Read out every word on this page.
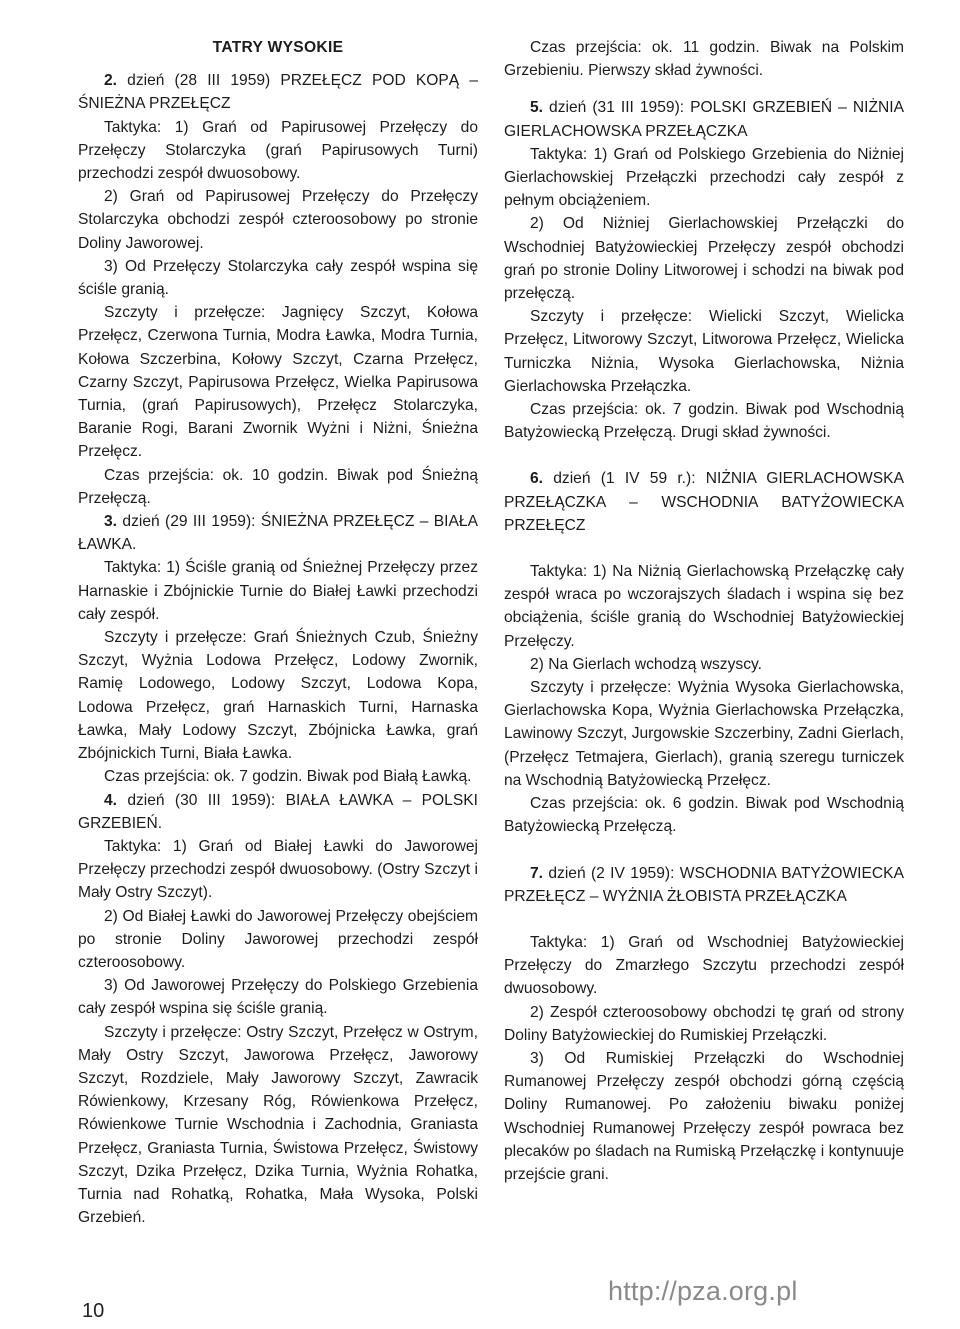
TATRY WYSOKIE

2. dzień (28 III 1959) PRZEŁĘCZ POD KOPĄ – ŚNIEŻNA PRZEŁĘCZ

Taktyka: 1) Grań od Papirusowej Przełęczy do Przełęczy Stolarczyka (grań Papirusowych Turni) przechodzi zespół dwuosobowy.

2) Grań od Papirusowej Przełęczy do Przełęczy Stolarczyka obchodzi zespół czteroosobowy po stronie Doliny Jaworowej.

3) Od Przełęczy Stolarczyka cały zespół wspina się ściśle granią.

Szczyty i przełęcze: Jagnięcy Szczyt, Kołowa Przełęcz, Czerwona Turnia, Modra Ławka, Modra Turnia, Kołowa Szczerbina, Kołowy Szczyt, Czarna Przełęcz, Czarny Szczyt, Papirusowa Przełęcz, Wielka Papirusowa Turnia, (grań Papirusowych), Przełęcz Stolarczyka, Baranie Rogi, Barani Zwornik Wyżni i Niżni, Śnieżna Przełęcz.

Czas przejścia: ok. 10 godzin. Biwak pod Śnieżną Przełęczą.

3. dzień (29 III 1959): ŚNIEŻNA PRZEŁĘCZ – BIAŁA ŁAWKA.

Taktyka: 1) Ściśle granią od Śnieżnej Przełęczy przez Harnaskie i Zbójnickie Turnie do Białej Ławki przechodzi cały zespół.

Szczyty i przełęcze: Grań Śnieżnych Czub, Śnieżny Szczyt, Wyżnia Lodowa Przełęcz, Lodowy Zwornik, Ramię Lodowego, Lodowy Szczyt, Lodowa Kopa, Lodowa Przełęcz, grań Harnaskich Turni, Harnaska Ławka, Mały Lodowy Szczyt, Zbójnicka Ławka, grań Zbójnickich Turni, Biała Ławka.

Czas przejścia: ok. 7 godzin. Biwak pod Białą Ławką.

4. dzień (30 III 1959): BIAŁA ŁAWKA – POLSKI GRZEBIEŃ.

Taktyka: 1) Grań od Białej Ławki do Jaworowej Przełęczy przechodzi zespół dwuosobowy. (Ostry Szczyt i Mały Ostry Szczyt).

2) Od Białej Ławki do Jaworowej Przełęczy obejściem po stronie Doliny Jaworowej przechodzi zespół czteroosobowy.

3) Od Jaworowej Przełęczy do Polskiego Grzebienia cały zespół wspina się ściśle granią.

Szczyty i przełęcze: Ostry Szczyt, Przełęcz w Ostrym, Mały Ostry Szczyt, Jaworowa Przełęcz, Jaworowy Szczyt, Rozdziele, Mały Jaworowy Szczyt, Zawracik Rówienkowy, Krzesany Róg, Rówienkowa Przełęcz, Rówienkowe Turnie Wschodnia i Zachodnia, Graniasta Przełęcz, Graniasta Turnia, Świstowa Przełęcz, Świstowy Szczyt, Dzika Przełęcz, Dzika Turnia, Wyżnia Rohatka, Turnia nad Rohatką, Rohatka, Mała Wysoka, Polski Grzebień.

Czas przejścia: ok. 11 godzin. Biwak na Polskim Grzebieniu. Pierwszy skład żywności.

5. dzień (31 III 1959): POLSKI GRZEBIEŃ – NIŻNIA GIERLACHOWSKA PRZEŁĄCZKA

Taktyka: 1) Grań od Polskiego Grzebienia do Niżniej Gierlachowskiej Przełączki przechodzi cały zespół z pełnym obciążeniem.

2) Od Niżniej Gierlachowskiej Przełączki do Wschodniej Batyżowieckiej Przełęczy zespół obchodzi grań po stronie Doliny Litworowej i schodzi na biwak pod przełęczą.

Szczyty i przełęcze: Wielicki Szczyt, Wielicka Przełęcz, Litworowy Szczyt, Litworowa Przełęcz, Wielicka Turniczka Niżnia, Wysoka Gierlachowska, Niżnia Gierlachowska Przełączka.

Czas przejścia: ok. 7 godzin. Biwak pod Wschodnią Batyżowiecką Przełęczą. Drugi skład żywności.

6. dzień (1 IV 59 r.): NIŻNIA GIERLACHOWSKA PRZEŁĄCZKA – WSCHODNIA BATYŻOWIECKA PRZEŁĘCZ

Taktyka: 1) Na Niżnią Gierlachowską Przełączkę cały zespół wraca po wczorajszych śladach i wspina się bez obciążenia, ściśle granią do Wschodniej Batyżowieckiej Przełęczy.

2) Na Gierlach wchodzą wszyscy.

Szczyty i przełęcze: Wyżnia Wysoka Gierlachowska, Gierlachowska Kopa, Wyżnia Gierlachowska Przełączka, Lawinowy Szczyt, Jurgowskie Szczerbiny, Zadni Gierlach, (Przełęcz Tetmajera, Gierlach), granią szeregu turniczek na Wschodnią Batyżowiecką Przełęcz.

Czas przejścia: ok. 6 godzin. Biwak pod Wschodnią Batyżowiecką Przełęczą.

7. dzień (2 IV 1959): WSCHODNIA BATYŻOWIECKA PRZEŁĘCZ – WYŻNIA ŻŁOBISTA PRZEŁĄCZKA

Taktyka: 1) Grań od Wschodniej Batyżowieckiej Przełęczy do Zmarzłego Szczytu przechodzi zespół dwuosobowy.

2) Zespół czteroosobowy obchodzi tę grań od strony Doliny Batyżowieckiej do Rumiskiej Przełączki.

3) Od Rumiskiej Przełączki do Wschodniej Rumanowej Przełęczy zespół obchodzi górną częścią Doliny Rumanowej. Po założeniu biwaku poniżej Wschodniej Rumanowej Przełęczy zespół powraca bez plecaków po śladach na Rumiską Przełączkę i kontynuuje przejście grani.

10
http://pza.org.pl
